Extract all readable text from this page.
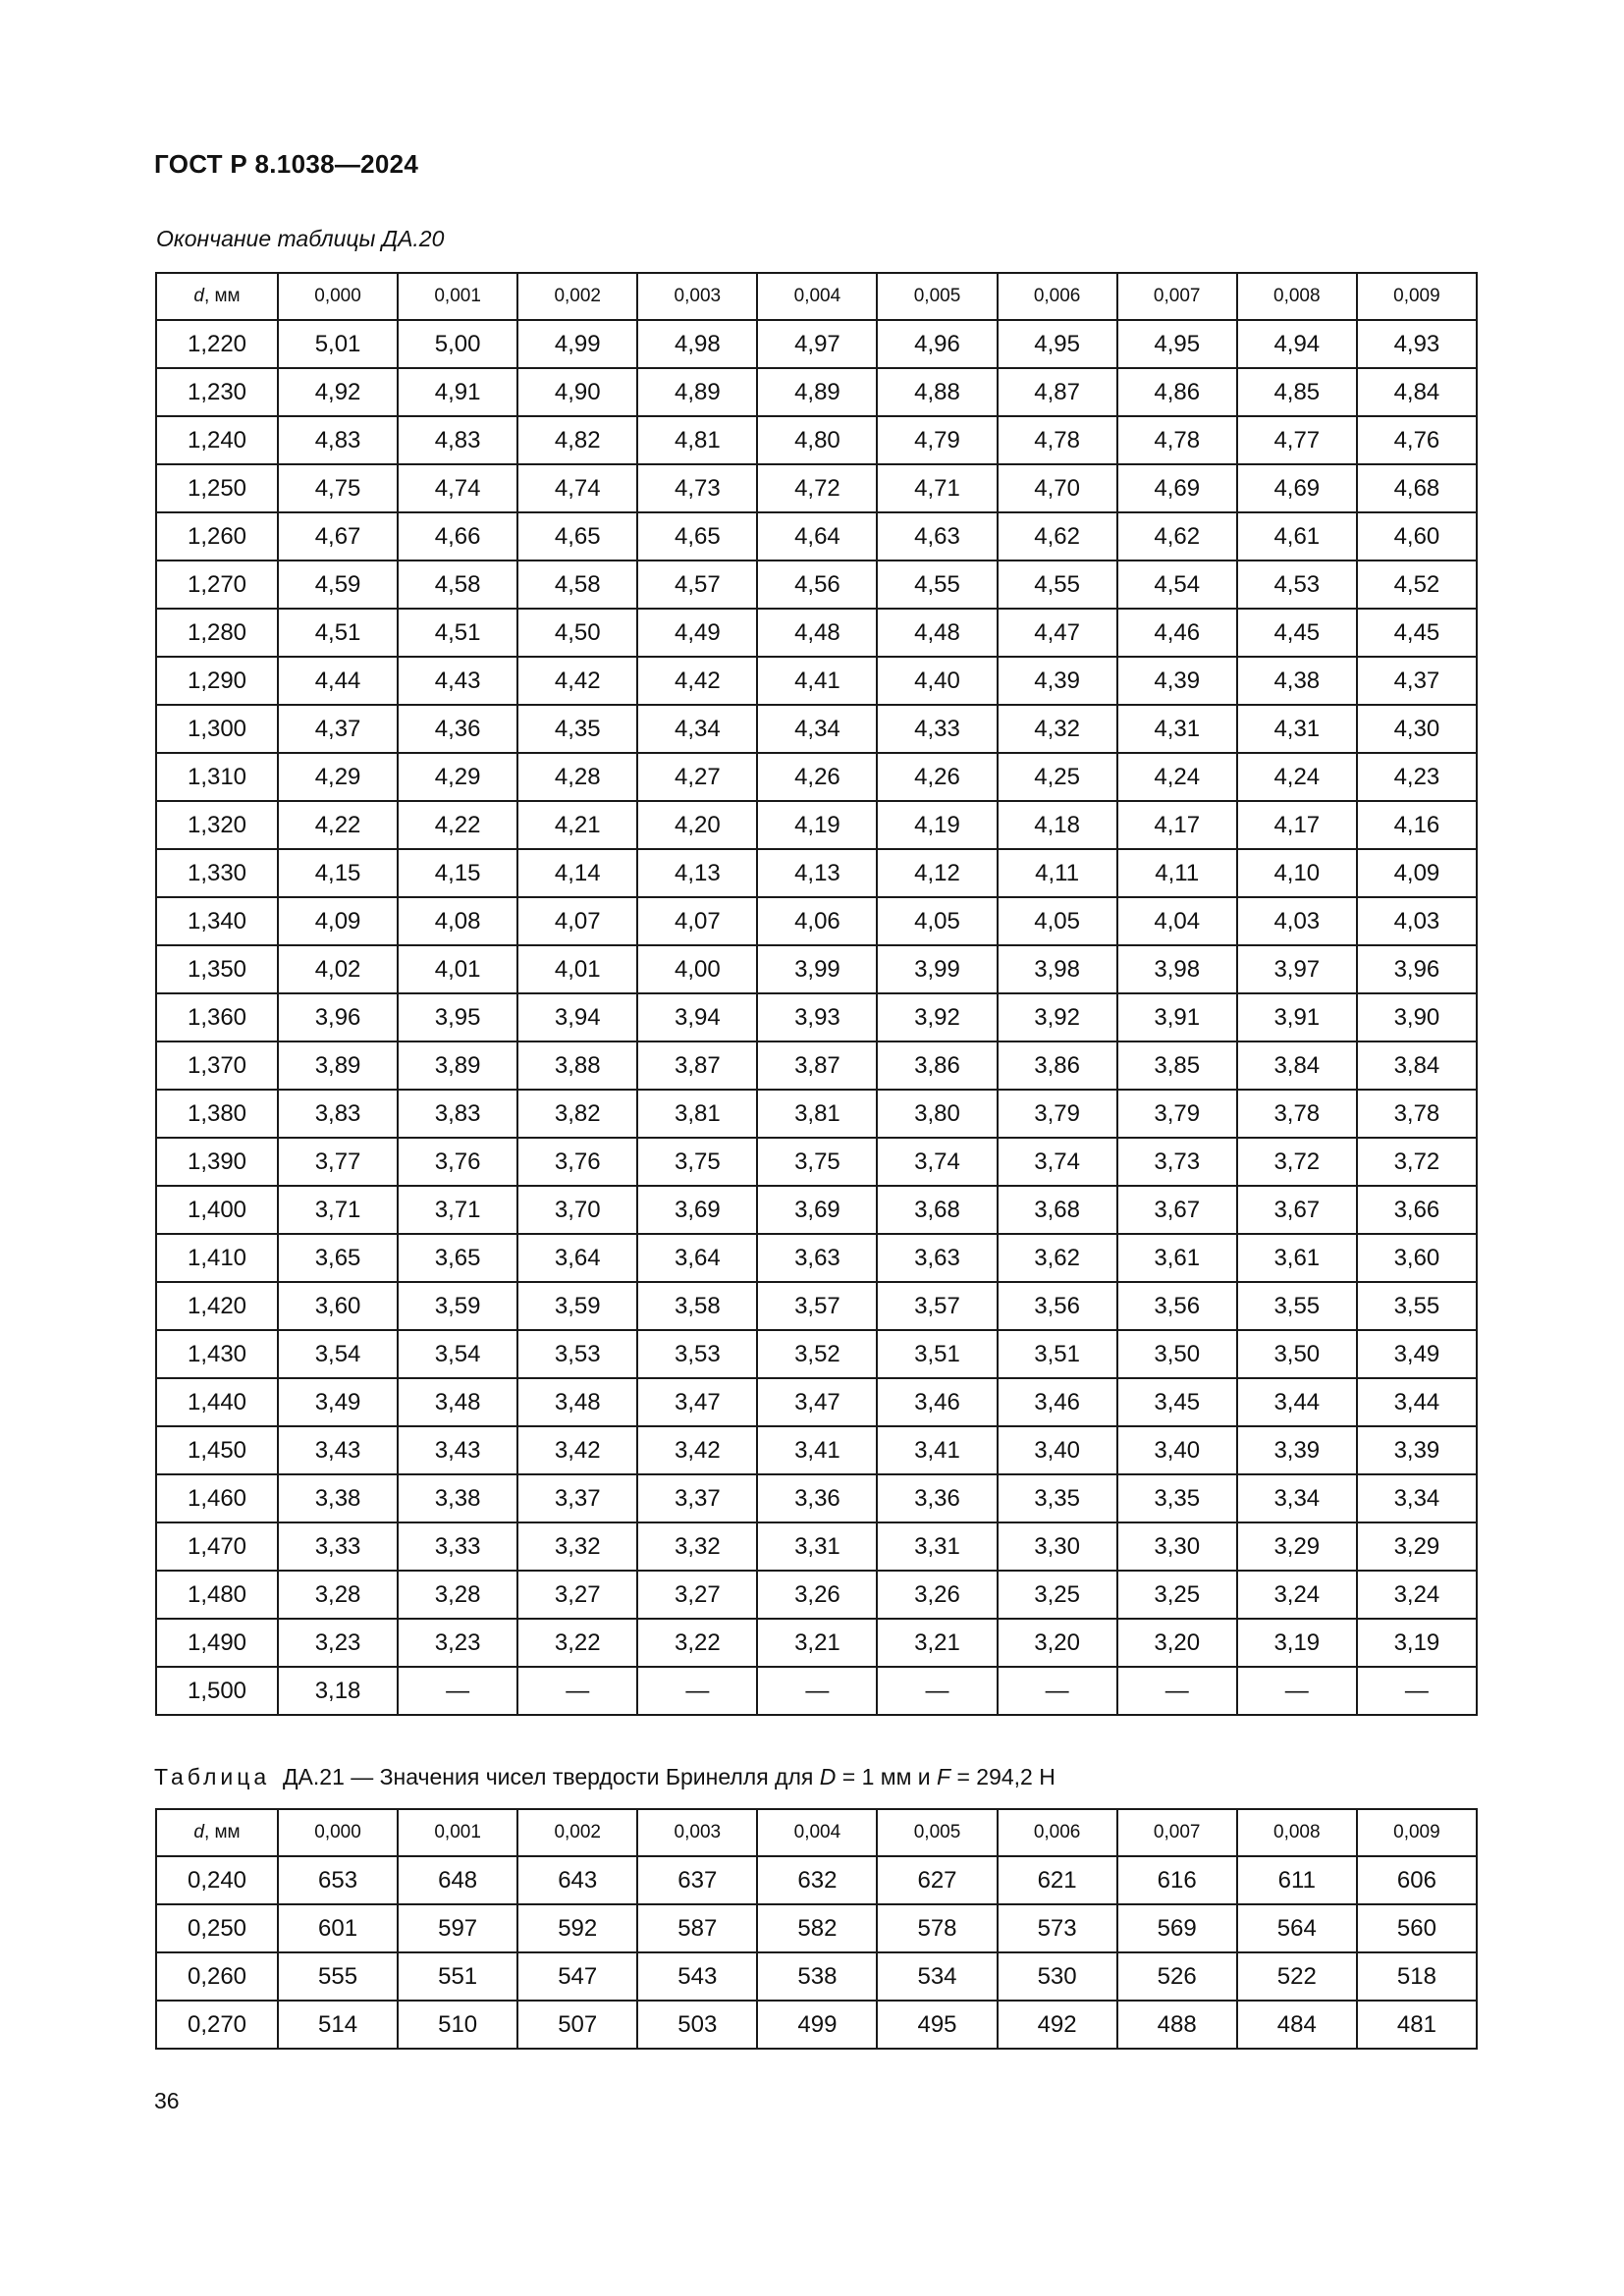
ГОСТ Р 8.1038—2024
Окончание таблицы ДА.20
d, мм	0,000	0,001	0,002	0,003	0,004	0,005	0,006	0,007	0,008	0,009
1,220	5,01	5,00	4,99	4,98	4,97	4,96	4,95	4,95	4,94	4,93
1,230	4,92	4,91	4,90	4,89	4,89	4,88	4,87	4,86	4,85	4,84
1,240	4,83	4,83	4,82	4,81	4,80	4,79	4,78	4,78	4,77	4,76
1,250	4,75	4,74	4,74	4,73	4,72	4,71	4,70	4,69	4,69	4,68
1,260	4,67	4,66	4,65	4,65	4,64	4,63	4,62	4,62	4,61	4,60
1,270	4,59	4,58	4,58	4,57	4,56	4,55	4,55	4,54	4,53	4,52
1,280	4,51	4,51	4,50	4,49	4,48	4,48	4,47	4,46	4,45	4,45
1,290	4,44	4,43	4,42	4,42	4,41	4,40	4,39	4,39	4,38	4,37
1,300	4,37	4,36	4,35	4,34	4,34	4,33	4,32	4,31	4,31	4,30
1,310	4,29	4,29	4,28	4,27	4,26	4,26	4,25	4,24	4,24	4,23
1,320	4,22	4,22	4,21	4,20	4,19	4,19	4,18	4,17	4,17	4,16
1,330	4,15	4,15	4,14	4,13	4,13	4,12	4,11	4,11	4,10	4,09
1,340	4,09	4,08	4,07	4,07	4,06	4,05	4,05	4,04	4,03	4,03
1,350	4,02	4,01	4,01	4,00	3,99	3,99	3,98	3,98	3,97	3,96
1,360	3,96	3,95	3,94	3,94	3,93	3,92	3,92	3,91	3,91	3,90
1,370	3,89	3,89	3,88	3,87	3,87	3,86	3,86	3,85	3,84	3,84
1,380	3,83	3,83	3,82	3,81	3,81	3,80	3,79	3,79	3,78	3,78
1,390	3,77	3,76	3,76	3,75	3,75	3,74	3,74	3,73	3,72	3,72
1,400	3,71	3,71	3,70	3,69	3,69	3,68	3,68	3,67	3,67	3,66
1,410	3,65	3,65	3,64	3,64	3,63	3,63	3,62	3,61	3,61	3,60
1,420	3,60	3,59	3,59	3,58	3,57	3,57	3,56	3,56	3,55	3,55
1,430	3,54	3,54	3,53	3,53	3,52	3,51	3,51	3,50	3,50	3,49
1,440	3,49	3,48	3,48	3,47	3,47	3,46	3,46	3,45	3,44	3,44
1,450	3,43	3,43	3,42	3,42	3,41	3,41	3,40	3,40	3,39	3,39
1,460	3,38	3,38	3,37	3,37	3,36	3,36	3,35	3,35	3,34	3,34
1,470	3,33	3,33	3,32	3,32	3,31	3,31	3,30	3,30	3,29	3,29
1,480	3,28	3,28	3,27	3,27	3,26	3,26	3,25	3,25	3,24	3,24
1,490	3,23	3,23	3,22	3,22	3,21	3,21	3,20	3,20	3,19	3,19
1,500	3,18	—	—	—	—	—	—	—	—	—
Таблица ДА.21 — Значения чисел твердости Бринелля для D = 1 мм и F = 294,2 Н
d, мм	0,000	0,001	0,002	0,003	0,004	0,005	0,006	0,007	0,008	0,009
0,240	653	648	643	637	632	627	621	616	611	606
0,250	601	597	592	587	582	578	573	569	564	560
0,260	555	551	547	543	538	534	530	526	522	518
0,270	514	510	507	503	499	495	492	488	484	481
36
